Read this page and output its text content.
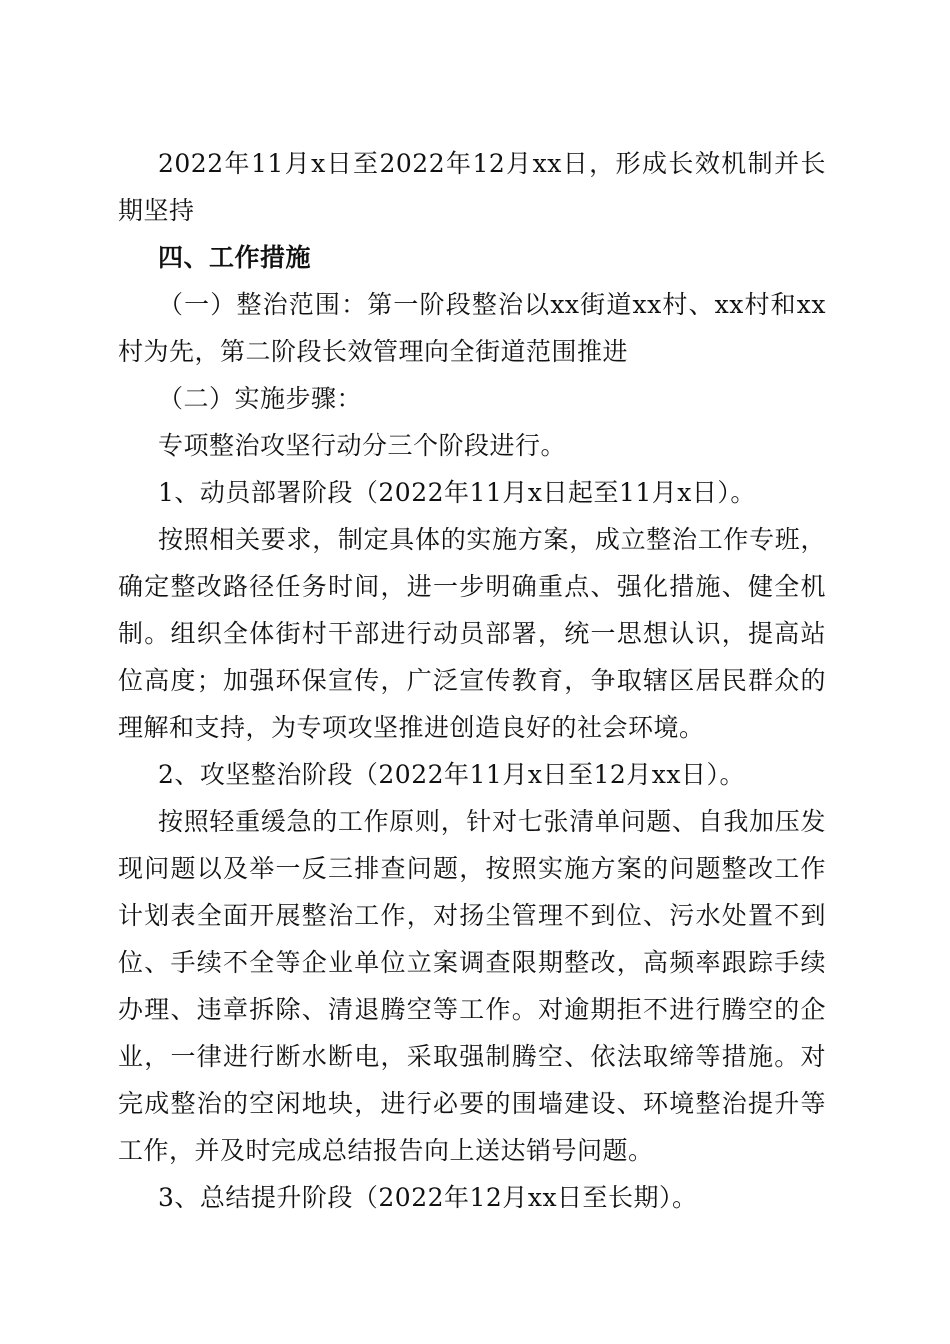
2022年11月x日至2022年12月xx日，形成长效机制并长期坚持

四、工作措施

（一）整治范围：第一阶段整治以xx街道xx村、xx村和xx村为先，第二阶段长效管理向全街道范围推进

（二）实施步骤：

专项整治攻坚行动分三个阶段进行。

1、动员部署阶段（2022年11月x日起至11月x日）。

按照相关要求，制定具体的实施方案，成立整治工作专班，确定整改路径任务时间，进一步明确重点、强化措施、健全机制。组织全体街村干部进行动员部署，统一思想认识，提高站位高度；加强环保宣传，广泛宣传教育，争取辖区居民群众的理解和支持，为专项攻坚推进创造良好的社会环境。

2、攻坚整治阶段（2022年11月x日至12月xx日）。

按照轻重缓急的工作原则，针对七张清单问题、自我加压发现问题以及举一反三排查问题，按照实施方案的问题整改工作计划表全面开展整治工作，对扬尘管理不到位、污水处置不到位、手续不全等企业单位立案调查限期整改，高频率跟踪手续办理、违章拆除、清退腾空等工作。对逾期拒不进行腾空的企业，一律进行断水断电，采取强制腾空、依法取缔等措施。对完成整治的空闲地块，进行必要的围墙建设、环境整治提升等工作，并及时完成总结报告向上送达销号问题。

3、总结提升阶段（2022年12月xx日至长期）。
